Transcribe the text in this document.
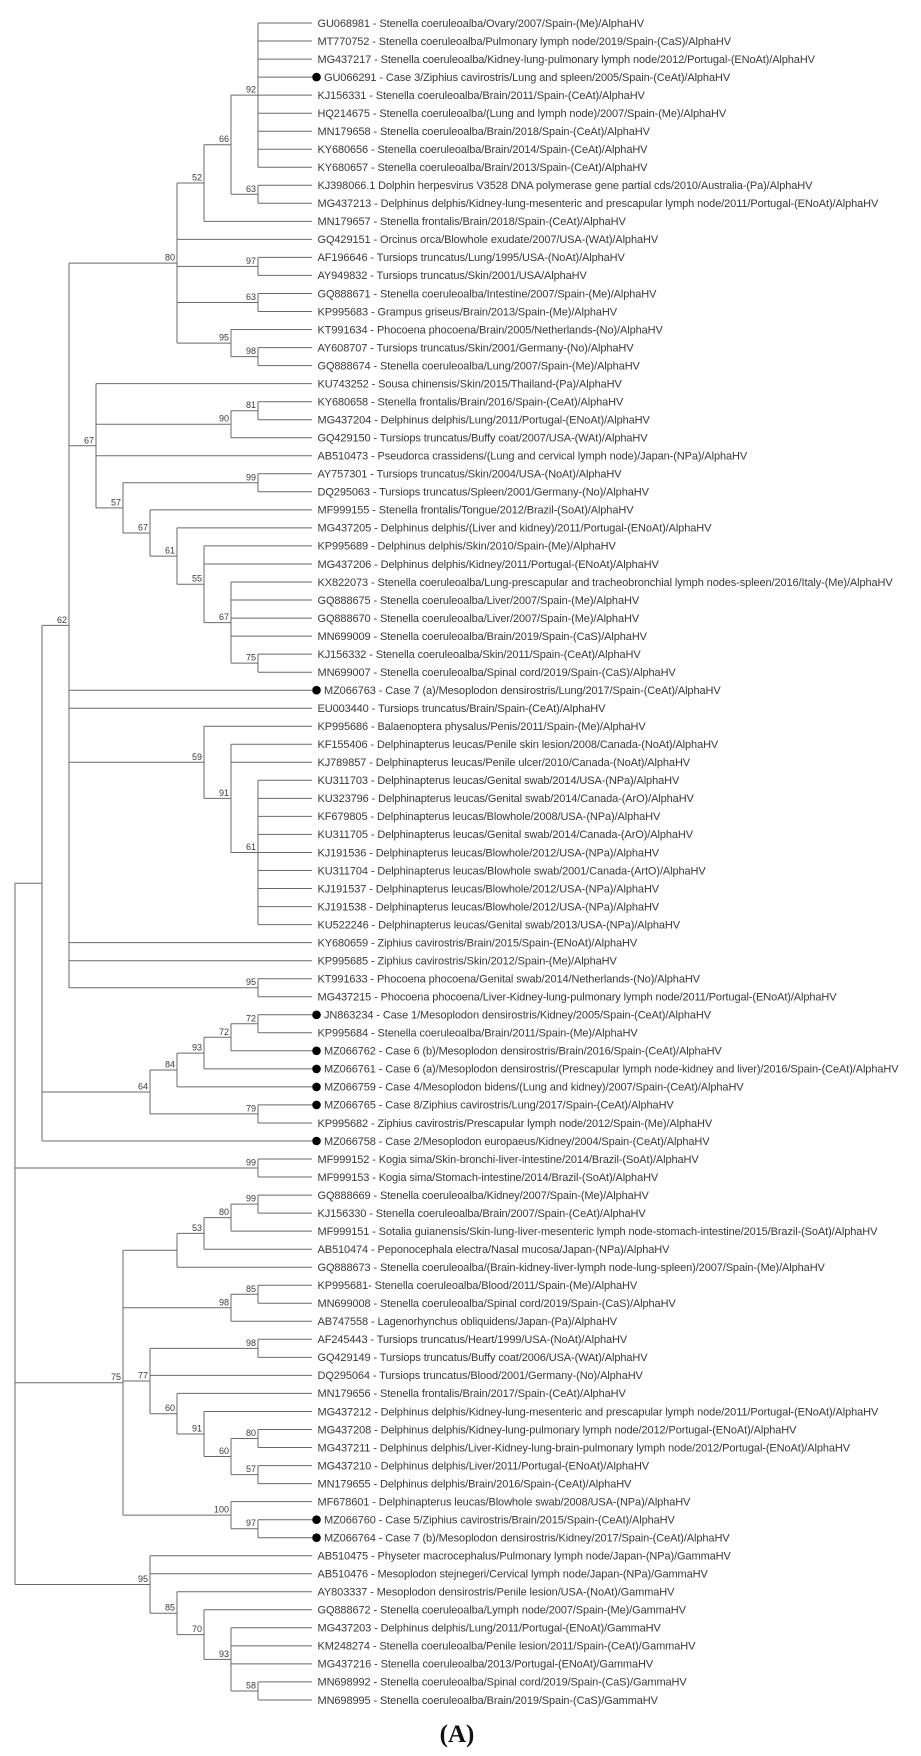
62
80
52
66
92
63
97
63
95
98
67
90
81
57
99
67
61
55
67
75
59
91
61
95
64
84
93
72
72
79
99
75
53
80
99
98
85
77
98
60
91
60
80
57
100
97
95
85
70
93
58
GU068981 - Stenella coeruleoalba/Ovary/2007/Spain-(Me)/AlphaHV
MT770752 - Stenella coeruleoalba/Pulmonary lymph node/2019/Spain-(CaS)/AlphaHV
MG437217 - Stenella coeruleoalba/Kidney-lung-pulmonary lymph node/2012/Portugal-(ENoAt)/AlphaHV
GU066291 - Case 3/Ziphius cavirostris/Lung and spleen/2005/Spain-(CeAt)/AlphaHV
KJ156331 - Stenella coeruleoalba/Brain/2011/Spain-(CeAt)/AlphaHV
HQ214675 - Stenella coeruleoalba/(Lung and lymph node)/2007/Spain-(Me)/AlphaHV
MN179658 - Stenella coeruleoalba/Brain/2018/Spain-(CeAt)/AlphaHV
KY680656 - Stenella coeruleoalba/Brain/2014/Spain-(CeAt)/AlphaHV
KY680657 - Stenella coeruleoalba/Brain/2013/Spain-(CeAt)/AlphaHV
KJ398066.1 Dolphin herpesvirus V3528 DNA polymerase gene partial cds/2010/Australia-(Pa)/AlphaHV
MG437213 - Delphinus delphis/Kidney-lung-mesenteric and prescapular lymph node/2011/Portugal-(ENoAt)/AlphaHV
MN179657 - Stenella frontalis/Brain/2018/Spain-(CeAt)/AlphaHV
GQ429151 - Orcinus orca/Blowhole exudate/2007/USA-(WAt)/AlphaHV
AF196646 - Tursiops truncatus/Lung/1995/USA-(NoAt)/AlphaHV
AY949832 - Tursiops truncatus/Skin/2001/USA/AlphaHV
GQ888671 - Stenella coeruleoalba/Intestine/2007/Spain-(Me)/AlphaHV
KP995683 - Grampus griseus/Brain/2013/Spain-(Me)/AlphaHV
KT991634 - Phocoena phocoena/Brain/2005/Netherlands-(No)/AlphaHV
AY608707 - Tursiops truncatus/Skin/2001/Germany-(No)/AlphaHV
GQ888674 - Stenella coeruleoalba/Lung/2007/Spain-(Me)/AlphaHV
KU743252 - Sousa chinensis/Skin/2015/Thailand-(Pa)/AlphaHV
KY680658 - Stenella frontalis/Brain/2016/Spain-(CeAt)/AlphaHV
MG437204 - Delphinus delphis/Lung/2011/Portugal-(ENoAt)/AlphaHV
GQ429150 - Tursiops truncatus/Buffy coat/2007/USA-(WAt)/AlphaHV
AB510473 - Pseudorca crassidens/(Lung and cervical lymph node)/Japan-(NPa)/AlphaHV
AY757301 - Tursiops truncatus/Skin/2004/USA-(NoAt)/AlphaHV
DQ295063 - Tursiops truncatus/Spleen/2001/Germany-(No)/AlphaHV
MF999155 - Stenella frontalis/Tongue/2012/Brazil-(SoAt)/AlphaHV
MG437205 - Delphinus delphis/(Liver and kidney)/2011/Portugal-(ENoAt)/AlphaHV
KP995689 - Delphinus delphis/Skin/2010/Spain-(Me)/AlphaHV
MG437206 - Delphinus delphis/Kidney/2011/Portugal-(ENoAt)/AlphaHV
KX822073 - Stenella coeruleoalba/Lung-prescapular and tracheobronchial lymph nodes-spleen/2016/Italy-(Me)/AlphaHV
GQ888675 - Stenella coeruleoalba/Liver/2007/Spain-(Me)/AlphaHV
GQ888670 - Stenella coeruleoalba/Liver/2007/Spain-(Me)/AlphaHV
MN699009 - Stenella coeruleoalba/Brain/2019/Spain-(CaS)/AlphaHV
KJ156332 - Stenella coeruleoalba/Skin/2011/Spain-(CeAt)/AlphaHV
MN699007 - Stenella coeruleoalba/Spinal cord/2019/Spain-(CaS)/AlphaHV
MZ066763 - Case 7 (a)/Mesoplodon densirostris/Lung/2017/Spain-(CeAt)/AlphaHV
EU003440 - Tursiops truncatus/Brain/Spain-(CeAt)/AlphaHV
KP995686 - Balaenoptera physalus/Penis/2011/Spain-(Me)/AlphaHV
KF155406 - Delphinapterus leucas/Penile skin lesion/2008/Canada-(NoAt)/AlphaHV
KJ789857 - Delphinapterus leucas/Penile ulcer/2010/Canada-(NoAt)/AlphaHV
KU311703 - Delphinapterus leucas/Genital swab/2014/USA-(NPa)/AlphaHV
KU323796 - Delphinapterus leucas/Genital swab/2014/Canada-(ArO)/AlphaHV
KF679805 - Delphinapterus leucas/Blowhole/2008/USA-(NPa)/AlphaHV
KU311705 - Delphinapterus leucas/Genital swab/2014/Canada-(ArO)/AlphaHV
KJ191536 - Delphinapterus leucas/Blowhole/2012/USA-(NPa)/AlphaHV
KU311704 - Delphinapterus leucas/Blowhole swab/2001/Canada-(ArtO)/AlphaHV
KJ191537 - Delphinapterus leucas/Blowhole/2012/USA-(NPa)/AlphaHV
KJ191538 - Delphinapterus leucas/Blowhole/2012/USA-(NPa)/AlphaHV
KU522246 - Delphinapterus leucas/Genital swab/2013/USA-(NPa)/AlphaHV
KY680659 - Ziphius cavirostris/Brain/2015/Spain-(ENoAt)/AlphaHV
KP995685 - Ziphius cavirostris/Skin/2012/Spain-(Me)/AlphaHV
KT991633 - Phocoena phocoena/Genital swab/2014/Netherlands-(No)/AlphaHV
MG437215 - Phocoena phocoena/Liver-Kidney-lung-pulmonary lymph node/2011/Portugal-(ENoAt)/AlphaHV
JN863234 - Case 1/Mesoplodon densirostris/Kidney/2005/Spain-(CeAt)/AlphaHV
KP995684 - Stenella coeruleoalba/Brain/2011/Spain-(Me)/AlphaHV
MZ066762 - Case 6 (b)/Mesoplodon densirostris/Brain/2016/Spain-(CeAt)/AlphaHV
MZ066761 - Case 6 (a)/Mesoplodon densirostris/(Prescapular lymph node-kidney and liver)/2016/Spain-(CeAt)/AlphaHV
MZ066759 - Case 4/Mesoplodon bidens/(Lung and kidney)/2007/Spain-(CeAt)/AlphaHV
MZ066765 - Case 8/Ziphius cavirostris/Lung/2017/Spain-(CeAt)/AlphaHV
KP995682 - Ziphius cavirostris/Prescapular lymph node/2012/Spain-(Me)/AlphaHV
MZ066758 - Case 2/Mesoplodon europaeus/Kidney/2004/Spain-(CeAt)/AlphaHV
MF999152 - Kogia sima/Skin-bronchi-liver-intestine/2014/Brazil-(SoAt)/AlphaHV
MF999153 - Kogia sima/Stomach-intestine/2014/Brazil-(SoAt)/AlphaHV
GQ888669 - Stenella coeruleoalba/Kidney/2007/Spain-(Me)/AlphaHV
KJ156330 - Stenella coeruleoalba/Brain/2007/Spain-(CeAt)/AlphaHV
MF999151 - Sotalia guianensis/Skin-lung-liver-mesenteric lymph node-stomach-intestine/2015/Brazil-(SoAt)/AlphaHV
AB510474 - Peponocephala electra/Nasal mucosa/Japan-(NPa)/AlphaHV
GQ888673 - Stenella coeruleoalba/(Brain-kidney-liver-lymph node-lung-spleen)/2007/Spain-(Me)/AlphaHV
KP995681- Stenella coeruleoalba/Blood/2011/Spain-(Me)/AlphaHV
MN699008 - Stenella coeruleoalba/Spinal cord/2019/Spain-(CaS)/AlphaHV
AB747558 - Lagenorhynchus obliquidens/Japan-(Pa)/AlphaHV
AF245443 - Tursiops truncatus/Heart/1999/USA-(NoAt)/AlphaHV
GQ429149 - Tursiops truncatus/Buffy coat/2006/USA-(WAt)/AlphaHV
DQ295064 - Tursiops truncatus/Blood/2001/Germany-(No)/AlphaHV
MN179656 - Stenella frontalis/Brain/2017/Spain-(CeAt)/AlphaHV
MG437212 - Delphinus delphis/Kidney-lung-mesenteric and prescapular lymph node/2011/Portugal-(ENoAt)/AlphaHV
MG437208 - Delphinus delphis/Kidney-lung-pulmonary lymph node/2012/Portugal-(ENoAt)/AlphaHV
MG437211 - Delphinus delphis/Liver-Kidney-lung-brain-pulmonary lymph node/2012/Portugal-(ENoAt)/AlphaHV
MG437210 - Delphinus delphis/Liver/2011/Portugal-(ENoAt)/AlphaHV
MN179655 - Delphinus delphis/Brain/2016/Spain-(CeAt)/AlphaHV
MF678601 - Delphinapterus leucas/Blowhole swab/2008/USA-(NPa)/AlphaHV
MZ066760 - Case 5/Ziphius cavirostris/Brain/2015/Spain-(CeAt)/AlphaHV
MZ066764 - Case 7 (b)/Mesoplodon densirostris/Kidney/2017/Spain-(CeAt)/AlphaHV
AB510475 - Physeter macrocephalus/Pulmonary lymph node/Japan-(NPa)/GammaHV
AB510476 - Mesoplodon stejnegeri/Cervical lymph node/Japan-(NPa)/GammaHV
AY803337 - Mesoplodon densirostris/Penile lesion/USA-(NoAt)/GammaHV
GQ888672 - Stenella coeruleoalba/Lymph node/2007/Spain-(Me)/GammaHV
MG437203 - Delphinus delphis/Lung/2011/Portugal-(ENoAt)/GammaHV
KM248274 - Stenella coeruleoalba/Penile lesion/2011/Spain-(CeAt)/GammaHV
MG437216 - Stenella coeruleoalba/2013/Portugal-(ENoAt)/GammaHV
MN698992 - Stenella coeruleoalba/Spinal cord/2019/Spain-(CaS)/GammaHV
MN698995 - Stenella coeruleoalba/Brain/2019/Spain-(CaS)/GammaHV
(A)
